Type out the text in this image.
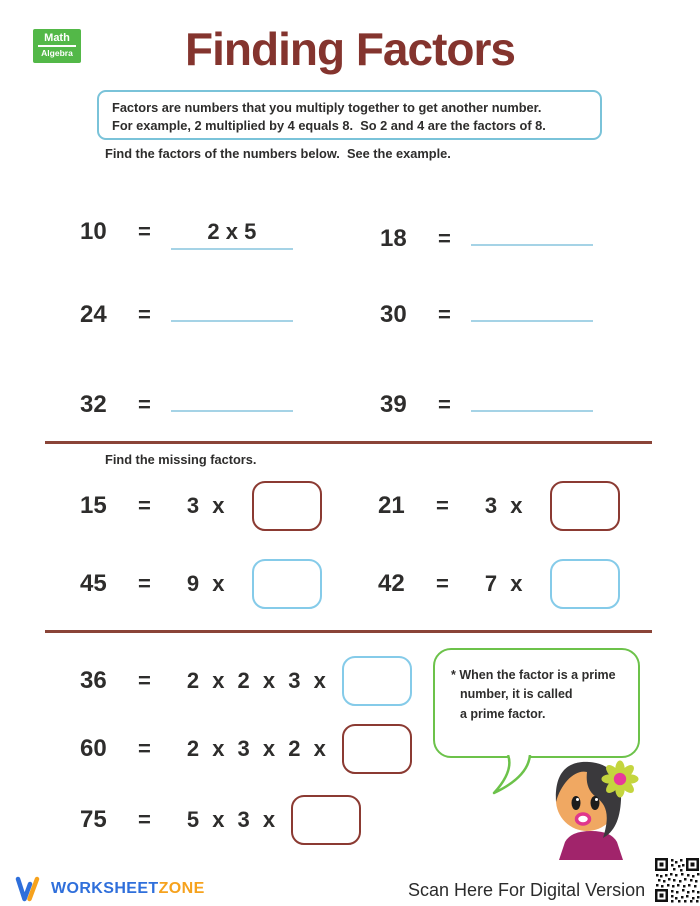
Math
Algebra	Finding Factors
Factors are numbers that you multiply together to get another number.
For example, 2 multiplied by 4 equals 8.  So 2 and 4 are the factors of 8.
Find the factors of the numbers below.  See the example.
10	=	2 x 5	18	=
24	=	30	=
32	=	39	=
Find the missing factors.
15	= 3 x	21	= 3 x
45	= 9 x	42	= 7 x
36	= 2 x 2 x 3 x
60	= 2 x 3 x 2 x
75	= 5 x 3 x
* When the factor is a prime
number, it is called
a prime factor.
WORKSHEETZONE	Scan Here For Digital Version
